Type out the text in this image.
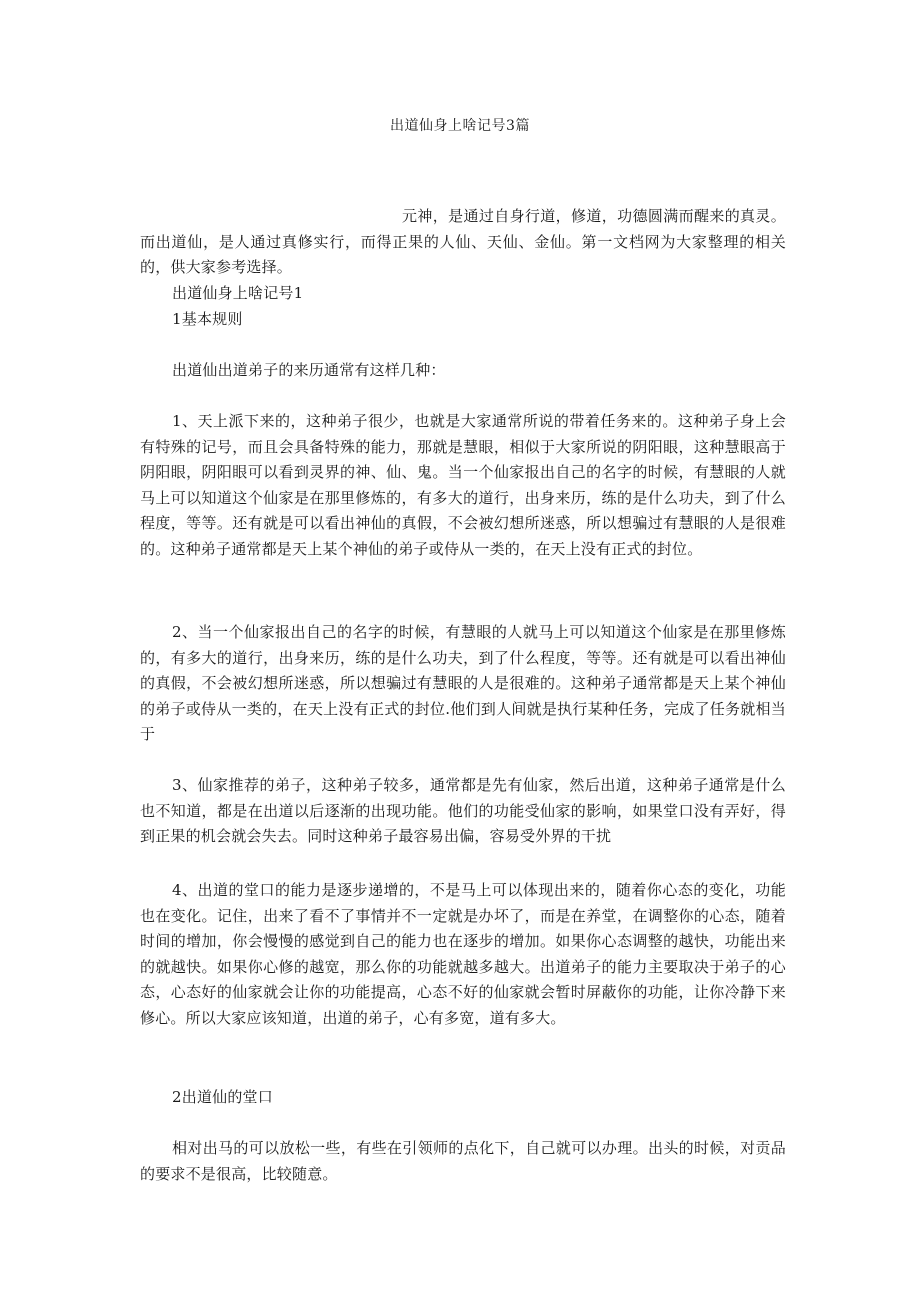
出道仙身上啥记号3篇

元神，是通过自身行道，修道，功德圆满而醒来的真灵。而出道仙，是人通过真修实行，而得正果的人仙、天仙、金仙。第一文档网为大家整理的相关的，供大家参考选择。

出道仙身上啥记号1

1基本规则

出道仙出道弟子的来历通常有这样几种：

1、天上派下来的，这种弟子很少，也就是大家通常所说的带着任务来的。这种弟子身上会有特殊的记号，而且会具备特殊的能力，那就是慧眼，相似于大家所说的阴阳眼，这种慧眼高于阴阳眼，阴阳眼可以看到灵界的神、仙、鬼。当一个仙家报出自己的名字的时候，有慧眼的人就马上可以知道这个仙家是在那里修炼的，有多大的道行，出身来历，练的是什么功夫，到了什么程度，等等。还有就是可以看出神仙的真假，不会被幻想所迷惑，所以想骗过有慧眼的人是很难的。这种弟子通常都是天上某个神仙的弟子或侍从一类的，在天上没有正式的封位。

2、当一个仙家报出自己的名字的时候，有慧眼的人就马上可以知道这个仙家是在那里修炼的，有多大的道行，出身来历，练的是什么功夫，到了什么程度，等等。还有就是可以看出神仙的真假，不会被幻想所迷惑，所以想骗过有慧眼的人是很难的。这种弟子通常都是天上某个神仙的弟子或侍从一类的，在天上没有正式的封位.他们到人间就是执行某种任务，完成了任务就相当于

3、仙家推荐的弟子，这种弟子较多，通常都是先有仙家，然后出道，这种弟子通常是什么也不知道，都是在出道以后逐渐的出现功能。他们的功能受仙家的影响，如果堂口没有弄好，得到正果的机会就会失去。同时这种弟子最容易出偏，容易受外界的干扰

4、出道的堂口的能力是逐步递增的，不是马上可以体现出来的，随着你心态的变化，功能也在变化。记住，出来了看不了事情并不一定就是办坏了，而是在养堂，在调整你的心态，随着时间的增加，你会慢慢的感觉到自己的能力也在逐步的增加。如果你心态调整的越快，功能出来的就越快。如果你心修的越宽，那么你的功能就越多越大。出道弟子的能力主要取决于弟子的心态，心态好的仙家就会让你的功能提高，心态不好的仙家就会暂时屏蔽你的功能，让你冷静下来修心。所以大家应该知道，出道的弟子，心有多宽，道有多大。

2出道仙的堂口

相对出马的可以放松一些，有些在引领师的点化下，自己就可以办理。出头的时候，对贡品的要求不是很高，比较随意。
